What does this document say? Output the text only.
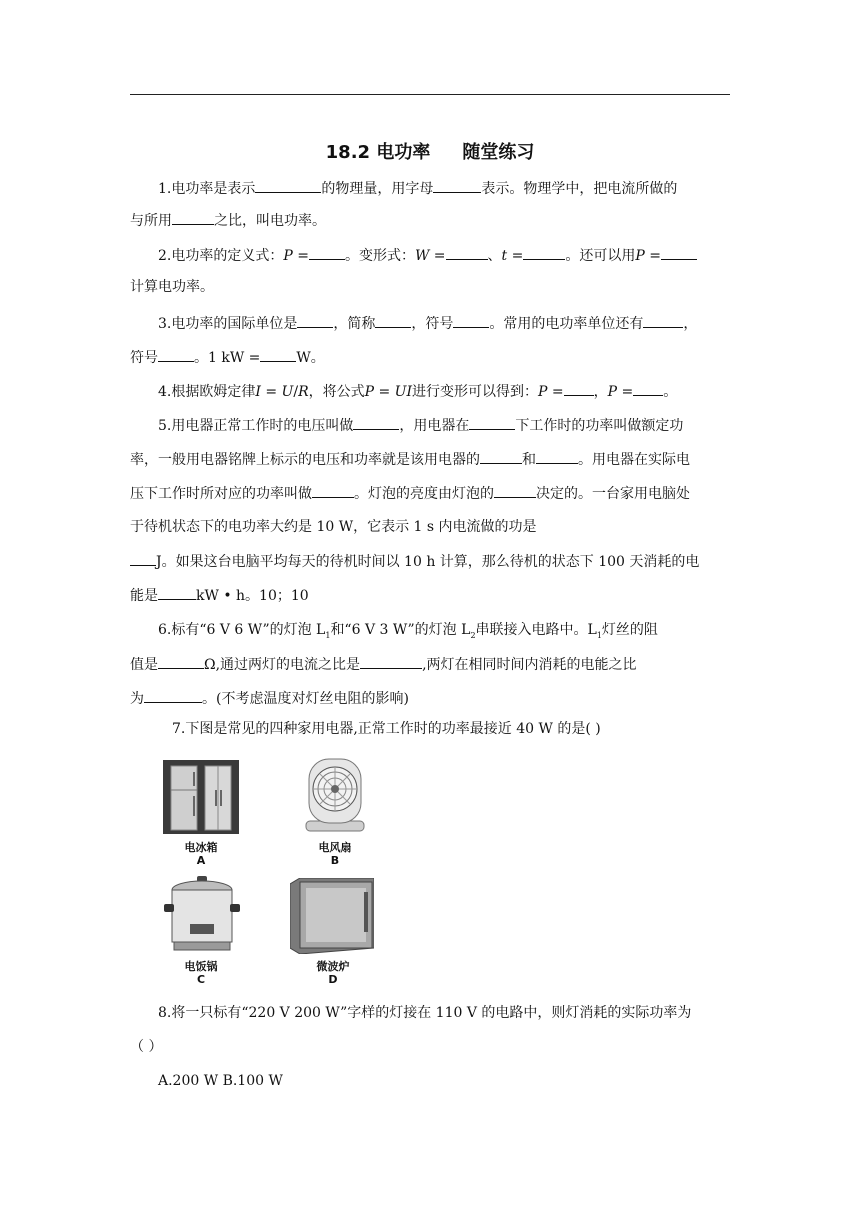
18.2 电功率 随堂练习
1.电功率是表示	的物理量，用字母	表示。物理学中，把电流所做的
与所用	之比，叫电功率。
2.电功率的定义式：P =	。变形式：W =	、t =	。还可以用P =
计算电功率。
3.电功率的国际单位是	，简称	，符号	。常用的电功率单位还有	，
符号	。1 kW =	W。
4.根据欧姆定律I = U/R，将公式P = UI进行变形可以得到：P = ，P = 。
5.用电器正常工作时的电压叫做	，用电器在	下工作时的功率叫做额定功
率，一般用电器铭牌上标示的电压和功率就是该用电器的	和	。用电器在实际电
压下工作时所对应的功率叫做	。灯泡的亮度由灯泡的	决定的。一台家用电脑处
于待机状态下的电功率大约是 10 W，它表示 1 s 内电流做的功是
J。如果这台电脑平均每天的待机时间以 10 h 计算，那么待机的状态下 100 天消耗的电
能是	kW • h。10；10
6.标有“6 V 6 W”的灯泡 $L_1$和“6 V 3 W”的灯泡 $L_2$串联接入电路中。$L_1$灯丝的阻
值是	Ω,通过两灯的电流之比是	,两灯在相同时间内消耗的电能之比
为	。(不考虑温度对灯丝电阻的影响)
7.下图是常见的四种家用电器,正常工作时的功率最接近 40 W 的是( )
电冰箱
A
电风扇
B
电饭锅
C
微波炉
D
8.将一只标有“220 V 200 W”字样的灯接在 110 V 的电路中，则灯消耗的实际功率为
（ ）
A.200 W B.100 W
